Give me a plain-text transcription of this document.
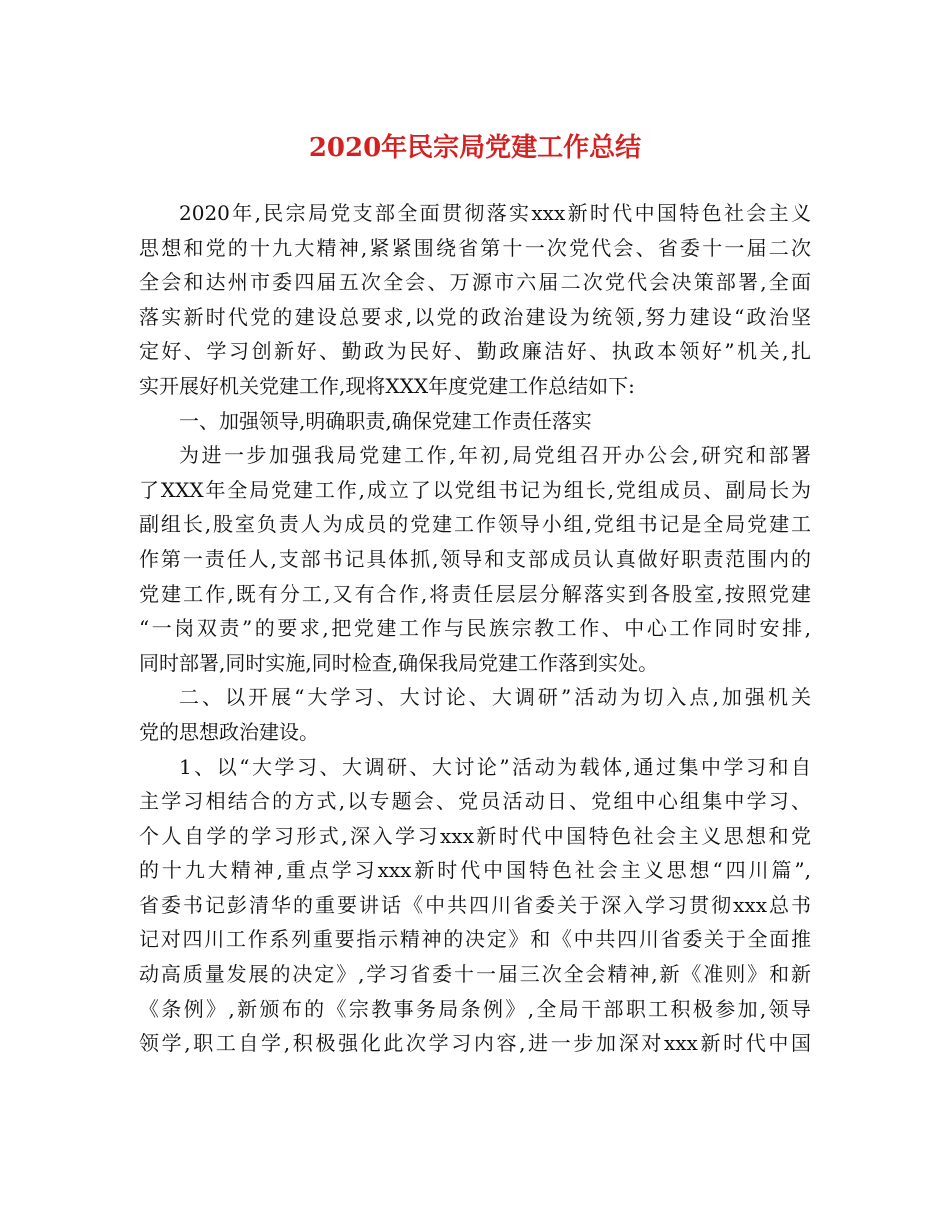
2020年民宗局党建工作总结
2020年,民宗局党支部全面贯彻落实xxx新时代中国特色社会主义
思想和党的十九大精神,紧紧围绕省第十一次党代会、省委十一届二次
全会和达州市委四届五次全会、万源市六届二次党代会决策部署,全面
落实新时代党的建设总要求,以党的政治建设为统领,努力建设“政治坚
定好、学习创新好、勤政为民好、勤政廉洁好、执政本领好”机关,扎
实开展好机关党建工作,现将XXX年度党建工作总结如下:
一、加强领导,明确职责,确保党建工作责任落实
为进一步加强我局党建工作,年初,局党组召开办公会,研究和部署
了XXX年全局党建工作,成立了以党组书记为组长,党组成员、副局长为
副组长,股室负责人为成员的党建工作领导小组,党组书记是全局党建工
作第一责任人,支部书记具体抓,领导和支部成员认真做好职责范围内的
党建工作,既有分工,又有合作,将责任层层分解落实到各股室,按照党建
“一岗双责”的要求,把党建工作与民族宗教工作、中心工作同时安排,
同时部署,同时实施,同时检查,确保我局党建工作落到实处。
二、以开展“大学习、大讨论、大调研”活动为切入点,加强机关
党的思想政治建设。
1、以“大学习、大调研、大讨论”活动为载体,通过集中学习和自
主学习相结合的方式,以专题会、党员活动日、党组中心组集中学习、
个人自学的学习形式,深入学习xxx新时代中国特色社会主义思想和党
的十九大精神,重点学习xxx新时代中国特色社会主义思想“四川篇”,
省委书记彭清华的重要讲话《中共四川省委关于深入学习贯彻xxx总书
记对四川工作系列重要指示精神的决定》和《中共四川省委关于全面推
动高质量发展的决定》,学习省委十一届三次全会精神,新《准则》和新
《条例》,新颁布的《宗教事务局条例》,全局干部职工积极参加,领导
领学,职工自学,积极强化此次学习内容,进一步加深对xxx新时代中国
